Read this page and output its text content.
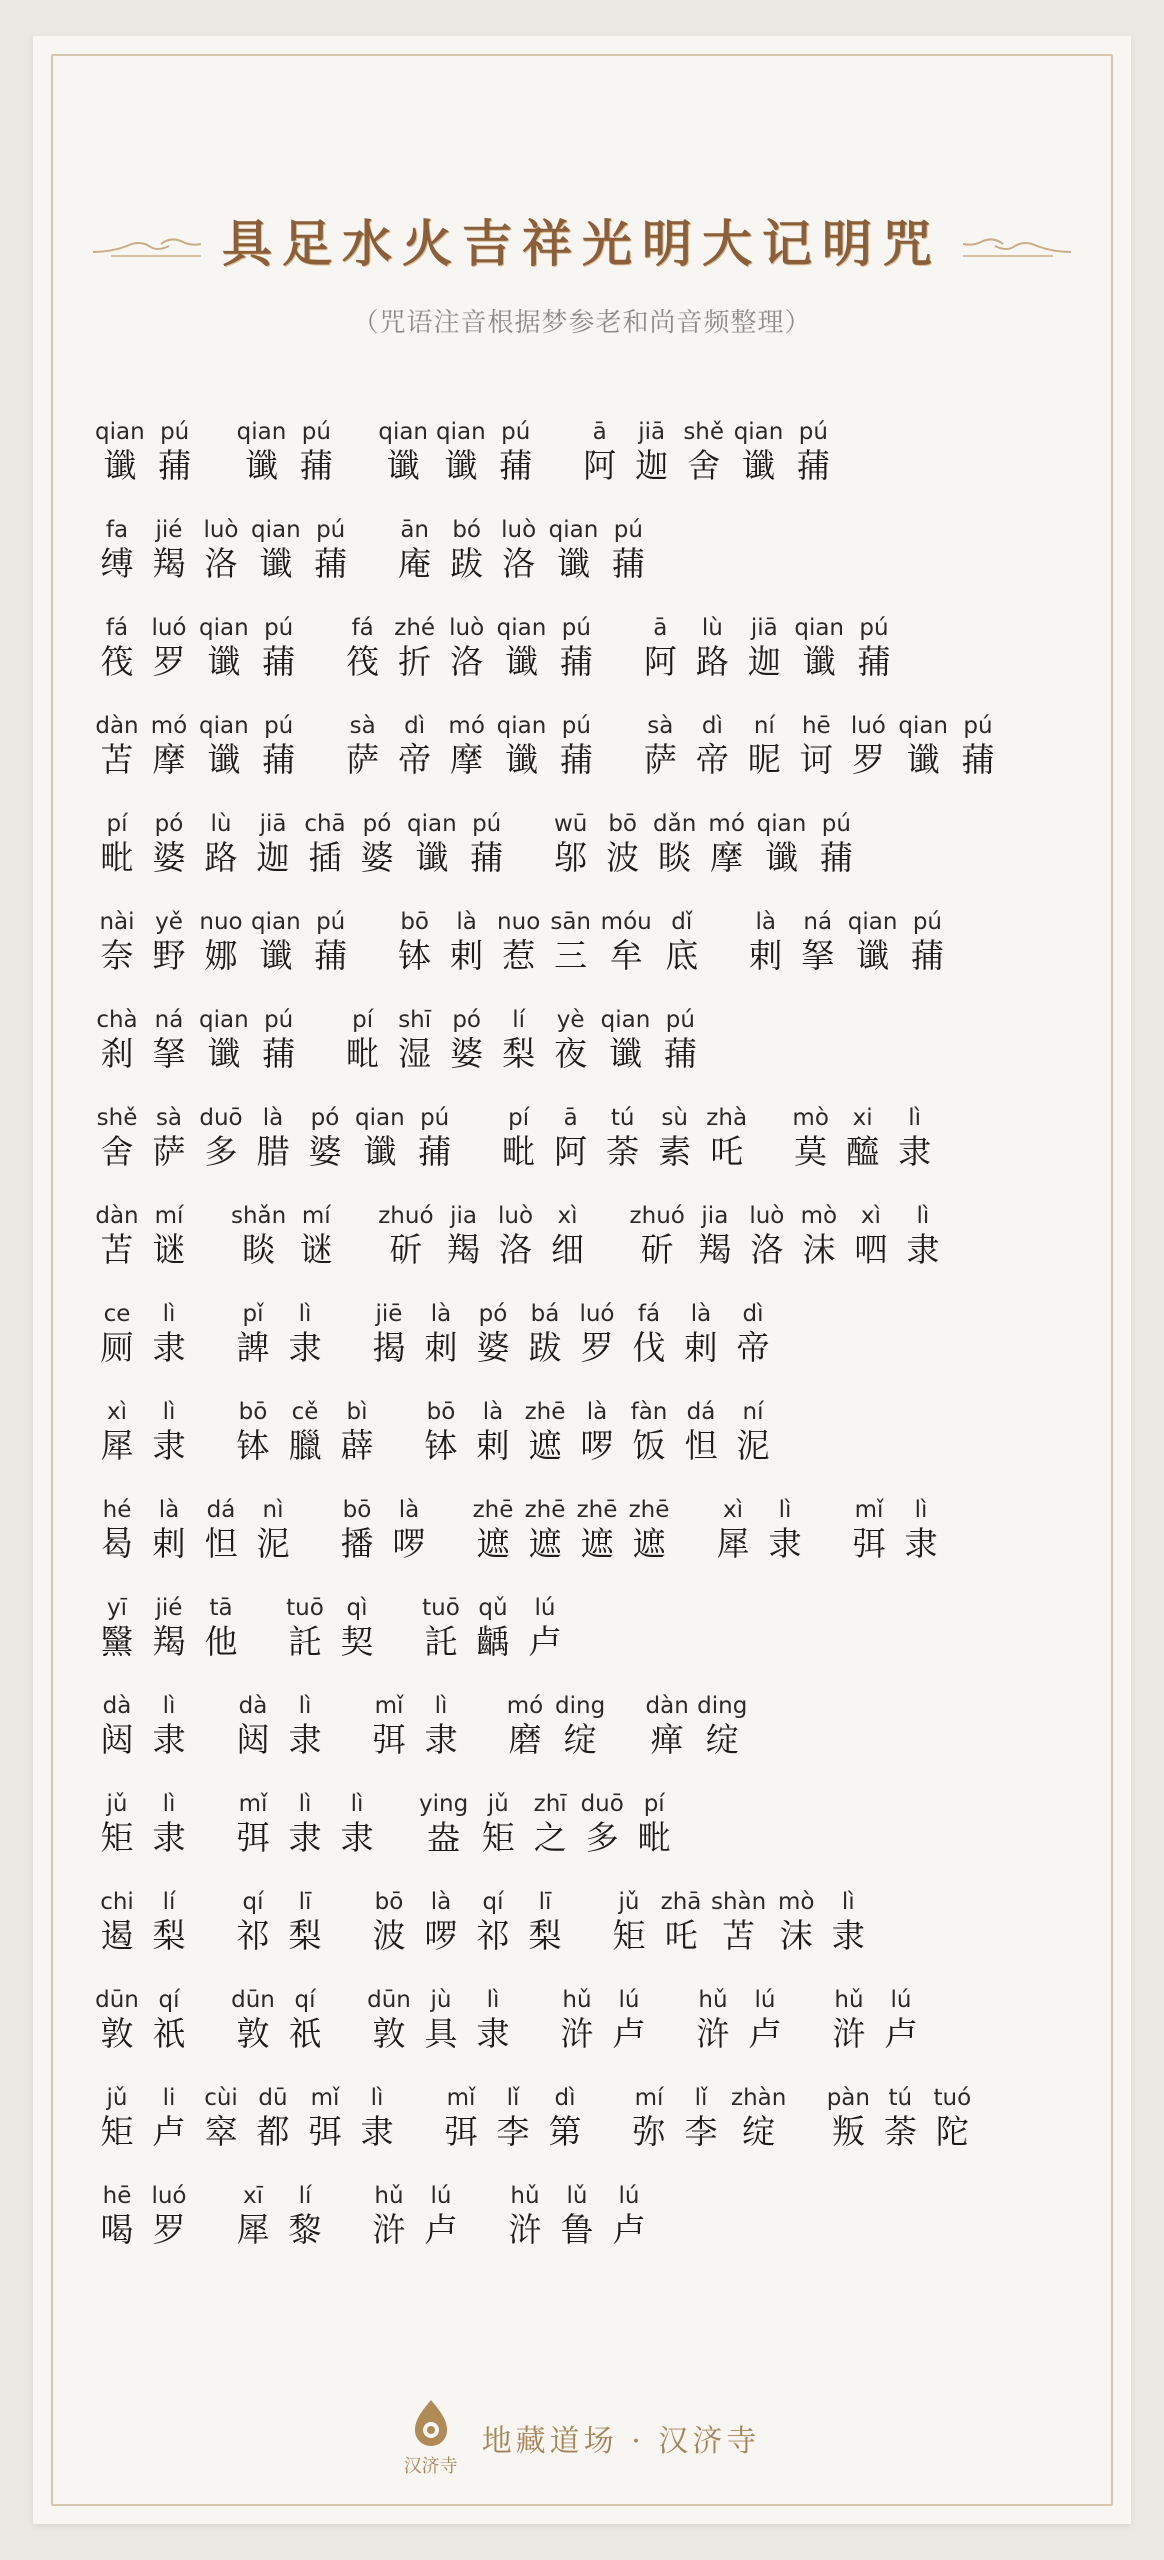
具足水火吉祥光明大记明咒
（咒语注音根据梦参老和尚音频整理）
qian
谶
pú
蒱
qian
谶
pú
蒱
qian
谶
qian
谶
pú
蒱
ā
阿
jiā
迦
shě
舍
qian
谶
pú
蒱
fa
缚
jié
羯
luò
洛
qian
谶
pú
蒱
ān
庵
bó
跋
luò
洛
qian
谶
pú
蒱
fá
筏
luó
罗
qian
谶
pú
蒱
fá
筏
zhé
折
luò
洛
qian
谶
pú
蒱
ā
阿
lù
路
jiā
迦
qian
谶
pú
蒱
dàn
苫
mó
摩
qian
谶
pú
蒱
sà
萨
dì
帝
mó
摩
qian
谶
pú
蒱
sà
萨
dì
帝
ní
昵
hē
诃
luó
罗
qian
谶
pú
蒱
pí
毗
pó
婆
lù
路
jiā
迦
chā
插
pó
婆
qian
谶
pú
蒱
wū
邬
bō
波
dǎn
睒
mó
摩
qian
谶
pú
蒱
nài
奈
yě
野
nuo
娜
qian
谶
pú
蒱
bō
钵
là
剌
nuo
惹
sān
三
móu
牟
dǐ
底
là
剌
ná
拏
qian
谶
pú
蒱
chà
刹
ná
拏
qian
谶
pú
蒱
pí
毗
shī
湿
pó
婆
lí
梨
yè
夜
qian
谶
pú
蒱
shě
舍
sà
萨
duō
多
là
腊
pó
婆
qian
谶
pú
蒱
pí
毗
ā
阿
tú
荼
sù
素
zhà
吒
mò
莫
xi
醯
lì
隶
dàn
苫
mí
谜
shǎn
睒
mí
谜
zhuó
斫
jia
羯
luò
洛
xì
细
zhuó
斫
jia
羯
luò
洛
mò
沫
xì
呬
lì
隶
ce
厕
lì
隶
pǐ
諀
lì
隶
jiē
揭
là
刺
pó
婆
bá
跋
luó
罗
fá
伐
là
剌
dì
帝
xì
犀
lì
隶
bō
钵
cě
臘
bì
薜
bō
钵
là
剌
zhē
遮
là
啰
fàn
饭
dá
怛
ní
泥
hé
曷
là
剌
dá
怛
nì
泥
bō
播
là
啰
zhē
遮
zhē
遮
zhē
遮
zhē
遮
xì
犀
lì
隶
mǐ
弭
lì
隶
yī
黳
jié
羯
tā
他
tuō
託
qì
契
tuō
託
qǔ
齲
lú
卢
dà
闼
lì
隶
dà
闼
lì
隶
mǐ
弭
lì
隶
mó
磨
ding
绽
dàn
瘅
ding
绽
jǔ
矩
lì
隶
mǐ
弭
lì
隶
lì
隶
ying
盎
jǔ
矩
zhī
之
duō
多
pí
毗
chi
遏
lí
梨
qí
祁
lī
梨
bō
波
là
啰
qí
祁
lī
梨
jǔ
矩
zhā
吒
shàn
苫
mò
沫
lì
隶
dūn
敦
qí
祇
dūn
敦
qí
祇
dūn
敦
jù
具
lì
隶
hǔ
浒
lú
卢
hǔ
浒
lú
卢
hǔ
浒
lú
卢
jǔ
矩
li
卢
cùi
窣
dū
都
mǐ
弭
lì
隶
mǐ
弭
lǐ
李
dì
第
mí
弥
lǐ
李
zhàn
绽
pàn
叛
tú
荼
tuó
陀
hē
喝
luó
罗
xī
犀
lí
黎
hǔ
浒
lú
卢
hǔ
浒
lǔ
鲁
lú
卢
汉济寺
地藏道场 · 汉济寺
